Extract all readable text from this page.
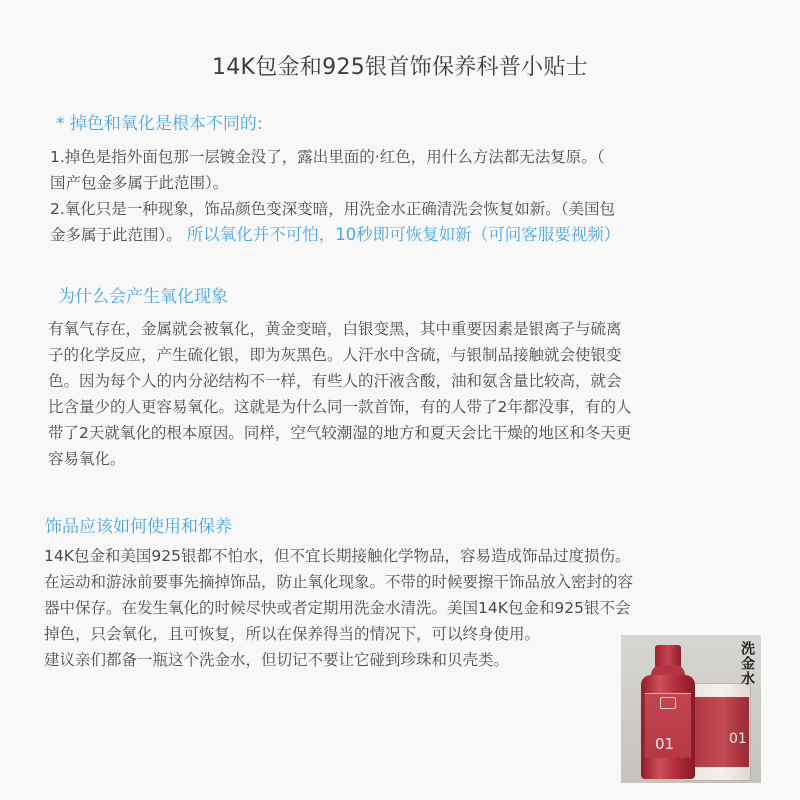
14K包金和925银首饰保养科普小贴士
* 掉色和氧化是根本不同的:
1.掉色是指外面包那一层镀金没了，露出里面的·红色，用什么方法都无法复原。（
国产包金多属于此范围）。
2.氧化只是一种现象，饰品颜色变深变暗，用洗金水正确清洗会恢复如新。（美国包
金多属于此范围）。 所以氧化并不可怕，10秒即可恢复如新（可问客服要视频）
为什么会产生氧化现象
有氧气存在，金属就会被氧化，黄金变暗，白银变黑，其中重要因素是银离子与硫离
子的化学反应，产生硫化银，即为灰黑色。人汗水中含硫，与银制品接触就会使银变
色。因为每个人的内分泌结构不一样，有些人的汗液含酸，油和氨含量比较高，就会
比含量少的人更容易氧化。这就是为什么同一款首饰，有的人带了2年都没事，有的人
带了2天就氧化的根本原因。同样，空气较潮湿的地方和夏天会比干燥的地区和冬天更
容易氧化。
饰品应该如何使用和保养
14K包金和美国925银都不怕水，但不宜长期接触化学物品，容易造成饰品过度损伤。
在运动和游泳前要事先摘掉饰品，防止氧化现象。不带的时候要擦干饰品放入密封的容
器中保存。在发生氧化的时候尽快或者定期用洗金水清洗。美国14K包金和925银不会
掉色，只会氧化，且可恢复，所以在保养得当的情况下，可以终身使用。
建议亲们都备一瓶这个洗金水，但切记不要让它碰到珍珠和贝壳类。
01
01
洗金水
